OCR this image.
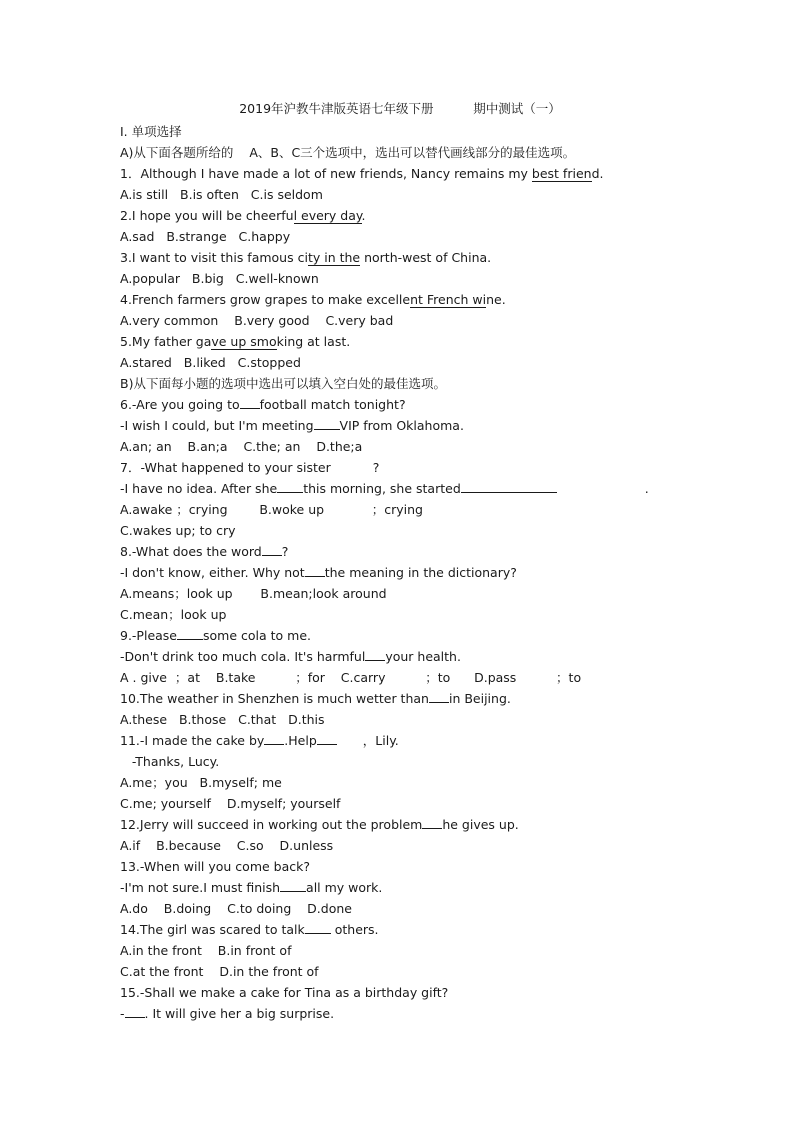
2019年沪教牛津版英语七年级下册          期中测试（一）
Ⅰ. 单项选择
A)从下面各题所给的    A、B、C三个选项中，选出可以替代画线部分的最佳选项。
1．Although I have made a lot of new friends, Nancy remains my best friend.
A.is still   B.is often   C.is seldom
2.I hope you will be cheerful every day.
A.sad   B.strange   C.happy
3.I want to visit this famous city in the north-west of China.
A.popular   B.big   C.well-known
4.French farmers grow grapes to make excellent French wine.
A.very common    B.very good    C.very bad
5.My father gave up smoking at last.
A.stared   B.liked   C.stopped
B)从下面每小题的选项中选出可以填入空白处的最佳选项。
6.-Are you going to football match tonight?
-I wish I could, but I'm meeting VIP from Oklahoma.
A.an; an    B.an;a    C.the; an    D.the;a
7．-What happened to your sister	?
-I have no idea. After she this morning, she started	.
A.awake ；crying        B.woke up            ；crying
C.wakes up; to cry
8.-What does the word ?
-I don't know, either. Why not the meaning in the dictionary?
A.means；look up       B.mean;look around
C.mean；look up
9.-Please some cola to me.
-Don't drink too much cola. It's harmful your health.
A . give  ；at    B.take          ；for    C.carry          ；to      D.pass          ；to
10.The weather in Shenzhen is much wetter than in Beijing.
A.these   B.those   C.that   D.this
11.-I made the cake by .Help	，Lily.
-Thanks, Lucy.
A.me；you   B.myself; me
C.me; yourself    D.myself; yourself
12.Jerry will succeed in working out the problem he gives up.
A.if    B.because    C.so    D.unless
13.-When will you come back?
-I'm not sure.I must finish all my work.
A.do    B.doing    C.to doing    D.done
14.The girl was scared to talk others.
A.in the front    B.in front of
C.at the front    D.in the front of
15.-Shall we make a cake for Tina as a birthday gift?
- . It will give her a big surprise.
